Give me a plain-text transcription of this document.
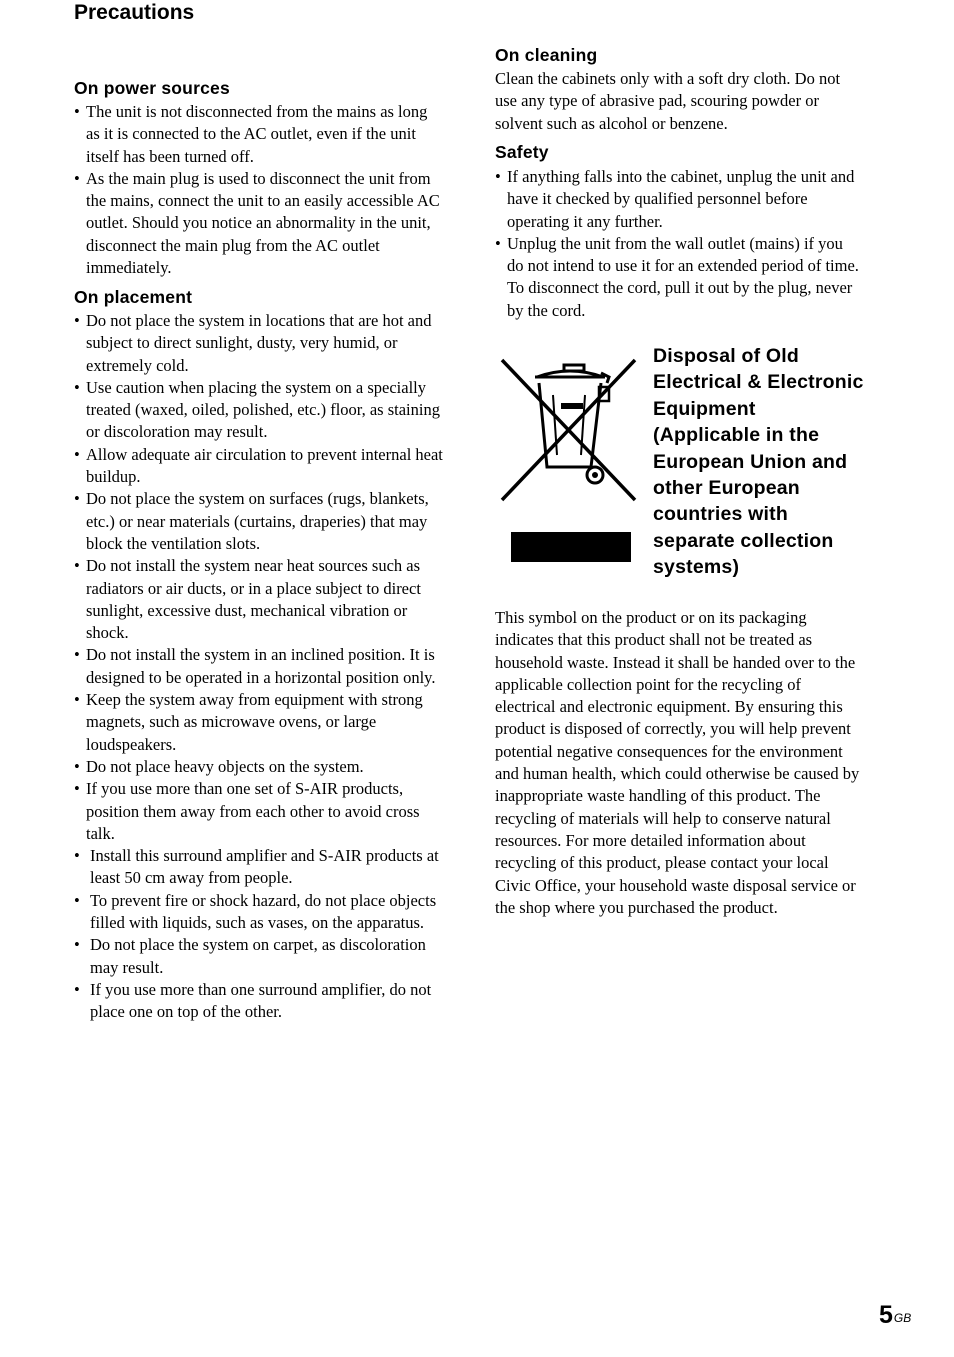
Precautions
On power sources
• The unit is not disconnected from the mains as long as it is connected to the AC outlet, even if the unit itself has been turned off.
• As the main plug is used to disconnect the unit from the mains, connect the unit to an easily accessible AC outlet. Should you notice an abnormality in the unit, disconnect the main plug from the AC outlet immediately.
On placement
• Do not place the system in locations that are hot and subject to direct sunlight, dusty, very humid, or extremely cold.
• Use caution when placing the system on a specially treated (waxed, oiled, polished, etc.) floor, as staining or discoloration may result.
• Allow adequate air circulation to prevent internal heat buildup.
• Do not place the system on surfaces (rugs, blankets, etc.) or near materials (curtains, draperies) that may block the ventilation slots.
• Do not install the system near heat sources such as radiators or air ducts, or in a place subject to direct sunlight, excessive dust, mechanical vibration or shock.
• Do not install the system in an inclined position. It is designed to be operated in a horizontal position only.
• Keep the system away from equipment with strong magnets, such as microwave ovens, or large loudspeakers.
• Do not place heavy objects on the system.
• If you use more than one set of S-AIR products, position them away from each other to avoid cross talk.
• Install this surround amplifier and S-AIR products at least 50 cm away from people.
• To prevent fire or shock hazard, do not place objects filled with liquids, such as vases, on the apparatus.
• Do not place the system on carpet, as discoloration may result.
• If you use more than one surround amplifier, do not place one on top of the other.
On cleaning

Clean the cabinets only with a soft dry cloth. Do not use any type of abrasive pad, scouring powder or solvent such as alcohol or benzene.

Safety
• If anything falls into the cabinet, unplug the unit and have it checked by qualified personnel before operating it any further.
• Unplug the unit from the wall outlet (mains) if you do not intend to use it for an extended period of time. To disconnect the cord, pull it out by the plug, never by the cord.
Disposal of Old Electrical & Electronic Equipment (Applicable in the European Union and other European countries with separate collection systems)

This symbol on the product or on its packaging indicates that this product shall not be treated as household waste. Instead it shall be handed over to the applicable collection point for the recycling of electrical and electronic equipment. By ensuring this product is disposed of correctly, you will help prevent potential negative consequences for the environment and human health, which could otherwise be caused by inappropriate waste handling of this product. The recycling of materials will help to conserve natural resources. For more detailed information about recycling of this product, please contact your local Civic Office, your household waste disposal service or the shop where you purchased the product.

$5^{GB}$
